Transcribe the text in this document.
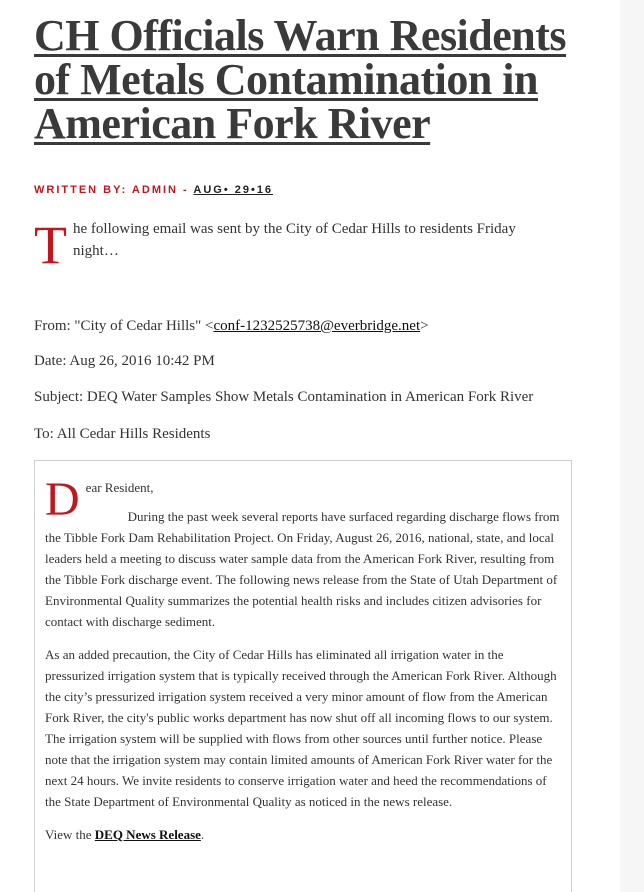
CH Officials Warn Residents of Metals Contamination in American Fork River
WRITTEN BY: ADMIN - AUG• 29•16
T he following email was sent by the City of Cedar Hills to residents Friday night…

From: "City of Cedar Hills" <conf-1232525738@everbridge.net>

Date: Aug 26, 2016 10:42 PM

Subject: DEQ Water Samples Show Metals Contamination in American Fork River

To: All Cedar Hills Residents

D ear Resident,

During the past week several reports have surfaced regarding discharge flows from the Tibble Fork Dam Rehabilitation Project. On Friday, August 26, 2016, national, state, and local leaders held a meeting to discuss water sample data from the American Fork River, resulting from the Tibble Fork discharge event. The following news release from the State of Utah Department of Environmental Quality summarizes the potential health risks and includes citizen advisories for contact with discharge sediment.

As an added precaution, the City of Cedar Hills has eliminated all irrigation water in the pressurized irrigation system that is typically received through the American Fork River. Although the city’s pressurized irrigation system received a very minor amount of flow from the American Fork River, the city's public works department has now shut off all incoming flows to our system. The irrigation system will be supplied with flows from other sources until further notice. Please note that the irrigation system may contain limited amounts of American Fork River water for the next 24 hours. We invite residents to conserve irrigation water and heed the recommendations of the State Department of Environmental Quality as noticed in the news release.

View the DEQ News Release.
